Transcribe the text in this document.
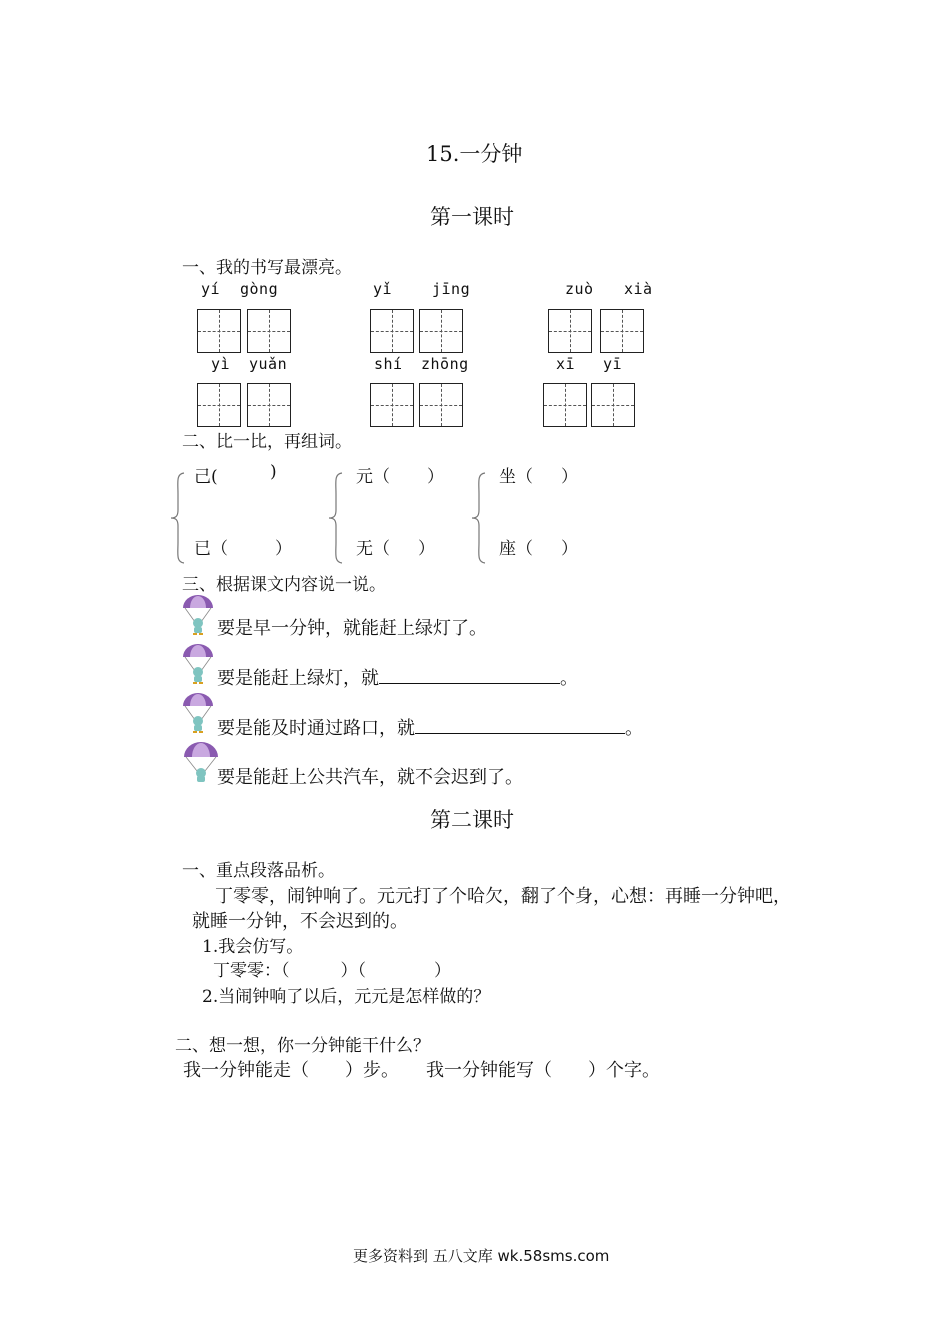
15.一分钟
第一课时
一、我的书写最漂亮。
yí gòng	yǐ	jīng	zuò xià
yì yuǎn	shí zhōng	xī yī
二、比一比，再组词。
己(	)
已（	）
元（ ）
无（ ）
坐（ ）
座（ ）
三、根据课文内容说一说。
要是早一分钟，就能赶上绿灯了。
要是能赶上绿灯，就	。
要是能及时通过路口，就	。
要是能赶上公共汽车，就不会迟到了。
第二课时
一、重点段落品析。
丁零零，闹钟响了。元元打了个哈欠，翻了个身，心想：再睡一分钟吧，
就睡一分钟，不会迟到的。
1.我会仿写。
丁零零：（　　　）（　　　　）
2.当闹钟响了以后，元元是怎样做的？
二、想一想，你一分钟能干什么？
我一分钟能走（　　）步。　　我一分钟能写（　　）个字。
更多资料到 五八文库 wk.58sms.com
